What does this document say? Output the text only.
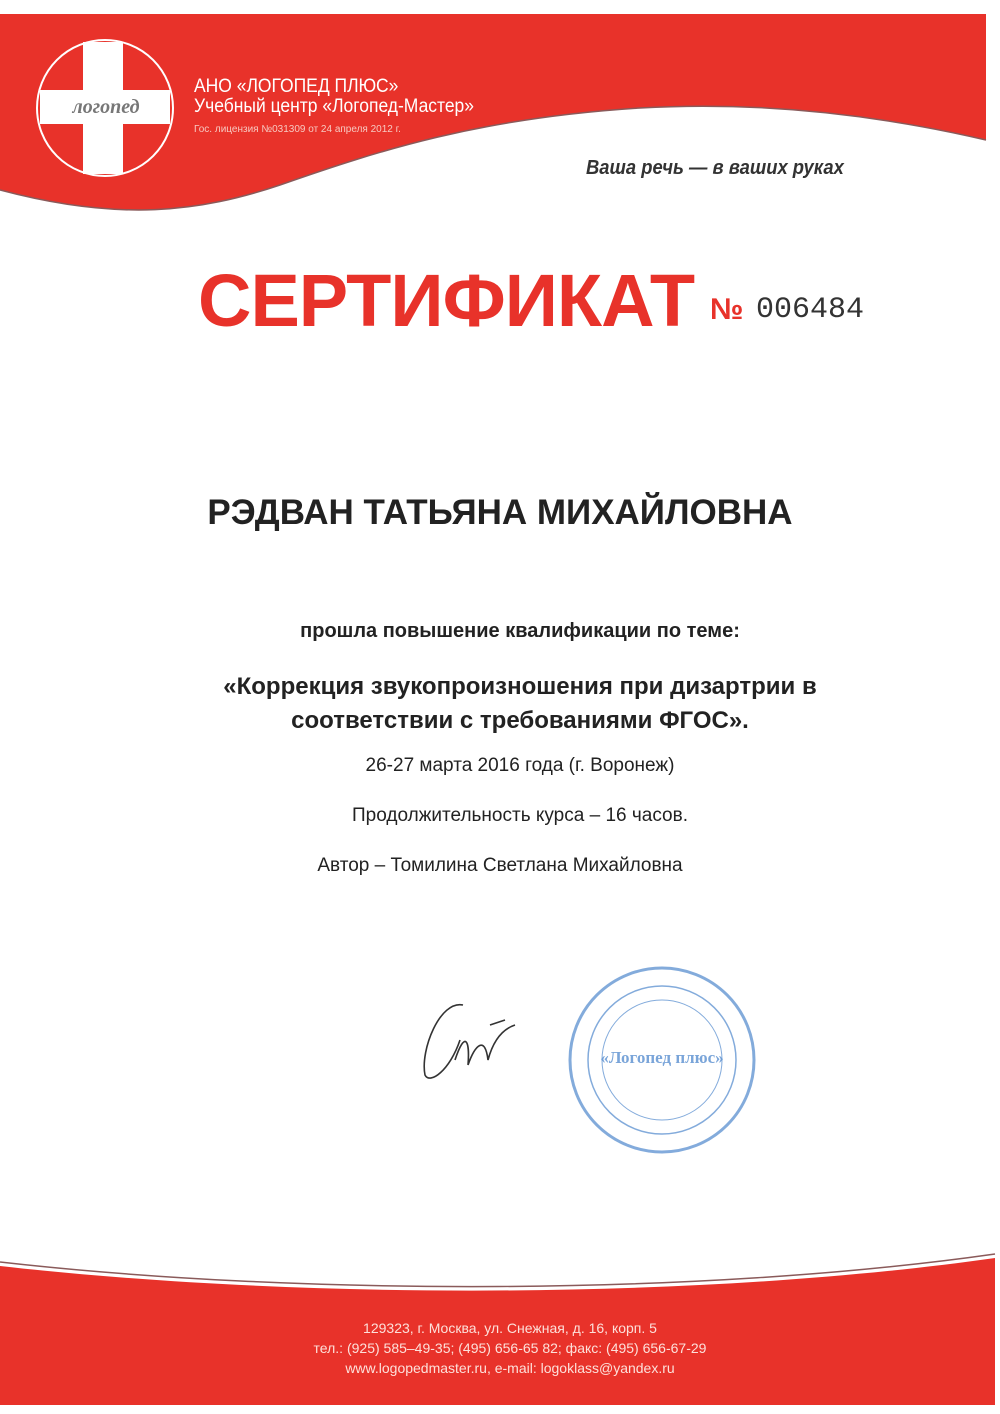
логопед
АНО «ЛОГОПЕД ПЛЮС»
Учебный центр «Логопед-Мастер»
Гос. лицензия №031309 от 24 апреля 2012 г.
Ваша речь — в ваших руках
СЕРТИФИКАТ № 006484
РЭДВАН ТАТЬЯНА МИХАЙЛОВНА
прошла повышение квалификации по теме:
«Коррекция звукопроизношения при дизартрии в
соответствии с требованиями ФГОС».
26-27 марта 2016 года (г. Воронеж)
Продолжительность курса – 16 часов.
Автор – Томилина Светлана Михайловна
«Логопед плюс»
129323, г. Москва, ул. Снежная, д. 16, корп. 5
тел.: (925) 585–49-35; (495) 656-65 82; факс: (495) 656-67-29
www.logopedmaster.ru, e-mail: logoklass@yandex.ru
